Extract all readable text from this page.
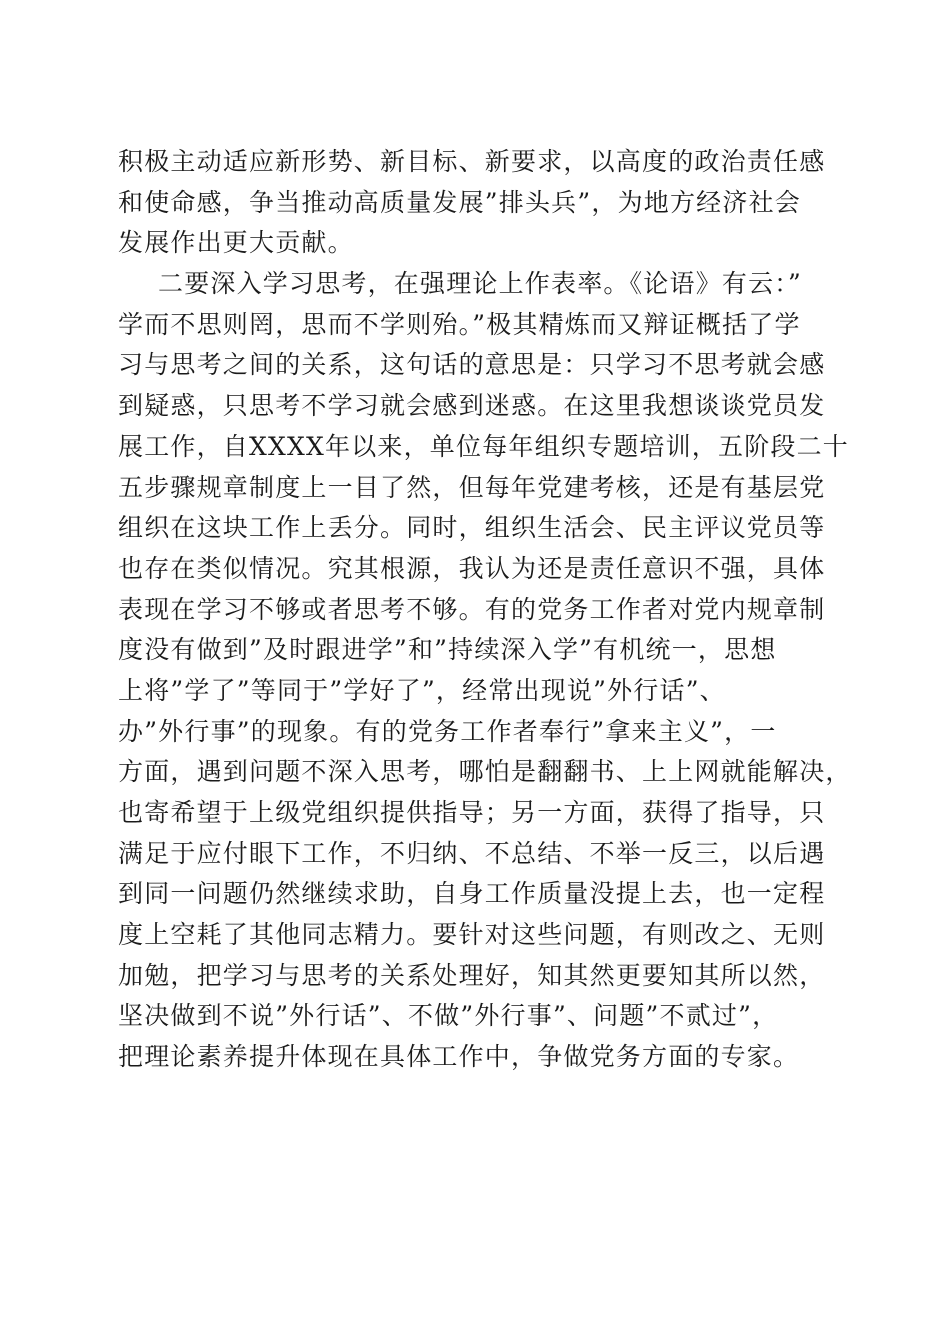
积极主动适应新形势、新目标、新要求，以高度的政治责任感
和使命感，争当推动高质量发展”排头兵”，为地方经济社会
发展作出更大贡献。
二要深入学习思考，在强理论上作表率。《论语》有云：”
学而不思则罔，思而不学则殆。”极其精炼而又辩证概括了学
习与思考之间的关系，这句话的意思是：只学习不思考就会感
到疑惑，只思考不学习就会感到迷惑。在这里我想谈谈党员发
展工作，自XXXX年以来，单位每年组织专题培训，五阶段二十
五步骤规章制度上一目了然，但每年党建考核，还是有基层党
组织在这块工作上丢分。同时，组织生活会、民主评议党员等
也存在类似情况。究其根源，我认为还是责任意识不强，具体
表现在学习不够或者思考不够。有的党务工作者对党内规章制
度没有做到”及时跟进学”和”持续深入学”有机统一，思想
上将”学了”等同于”学好了”，经常出现说”外行话”、
办”外行事”的现象。有的党务工作者奉行”拿来主义”，一
方面，遇到问题不深入思考，哪怕是翻翻书、上上网就能解决，
也寄希望于上级党组织提供指导；另一方面，获得了指导，只
满足于应付眼下工作，不归纳、不总结、不举一反三，以后遇
到同一问题仍然继续求助，自身工作质量没提上去，也一定程
度上空耗了其他同志精力。要针对这些问题，有则改之、无则
加勉，把学习与思考的关系处理好，知其然更要知其所以然，
坚决做到不说”外行话”、不做”外行事”、问题”不贰过”，
把理论素养提升体现在具体工作中，争做党务方面的专家。
